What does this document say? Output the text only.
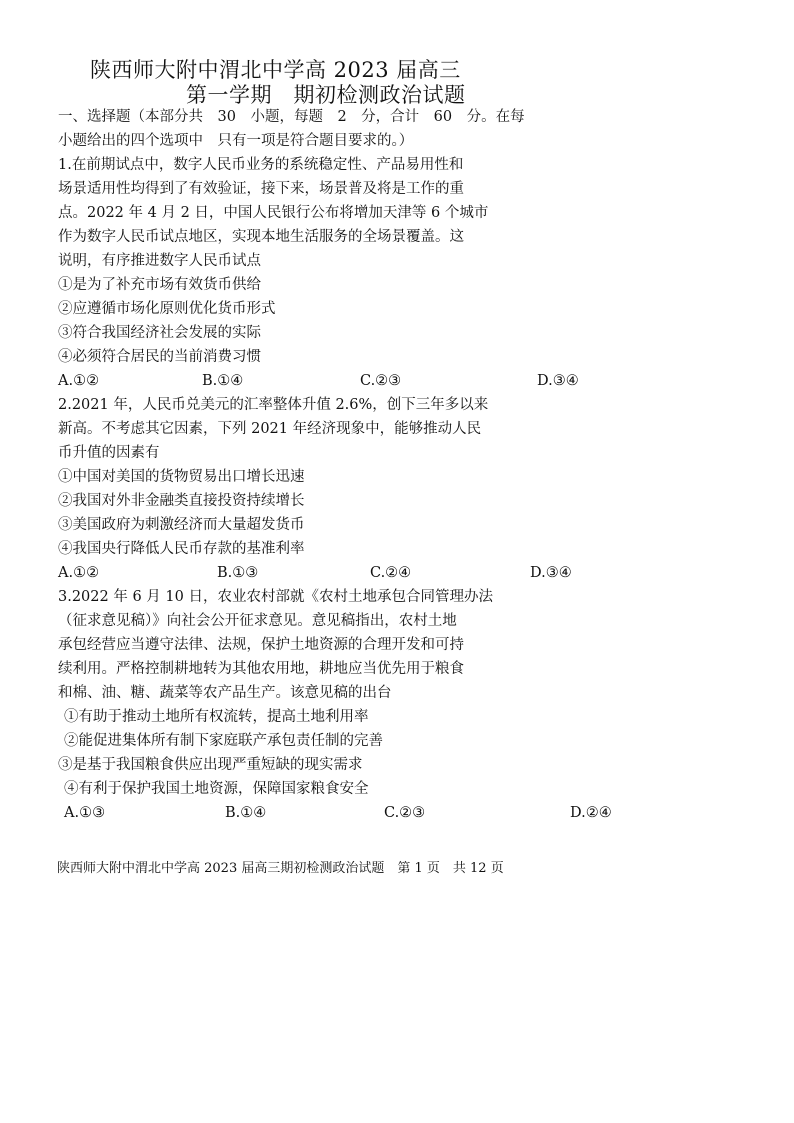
陕西师大附中渭北中学高 2023 届高三
第一学期　期初检测政治试题
一、选择题（本部分共　30　小题，每题　2　分，合计　60　分。在每
小题给出的四个选项中　只有一项是符合题目要求的。）
1.在前期试点中，数字人民币业务的系统稳定性、产品易用性和
场景适用性均得到了有效验证，接下来，场景普及将是工作的重
点。2022 年 4 月 2 日，中国人民银行公布将增加天津等 6 个城市
作为数字人民币试点地区，实现本地生活服务的全场景覆盖。这
说明，有序推进数字人民币试点
①是为了补充市场有效货币供给
②应遵循市场化原则优化货币形式
③符合我国经济社会发展的实际
④必须符合居民的当前消费习惯
A.①②	B.①④	C.②③	D.③④
2.2021 年，人民币兑美元的汇率整体升值 2.6%，创下三年多以来
新高。不考虑其它因素，下列 2021 年经济现象中，能够推动人民
币升值的因素有
①中国对美国的货物贸易出口增长迅速
②我国对外非金融类直接投资持续增长
③美国政府为刺激经济而大量超发货币
④我国央行降低人民币存款的基准利率
A.①②	B.①③	C.②④	D.③④
3.2022 年 6 月 10 日，农业农村部就《农村土地承包合同管理办法
（征求意见稿）》向社会公开征求意见。意见稿指出，农村土地
承包经营应当遵守法律、法规，保护土地资源的合理开发和可持
续利用。严格控制耕地转为其他农用地，耕地应当优先用于粮食
和棉、油、糖、蔬菜等农产品生产。该意见稿的出台
①有助于推动土地所有权流转，提高土地利用率
②能促进集体所有制下家庭联产承包责任制的完善
③是基于我国粮食供应出现严重短缺的现实需求
④有利于保护我国土地资源，保障国家粮食安全
A.①③	B.①④	C.②③	D.②④
陕西师大附中渭北中学高 2023 届高三期初检测政治试题　第 1 页　共 12 页
